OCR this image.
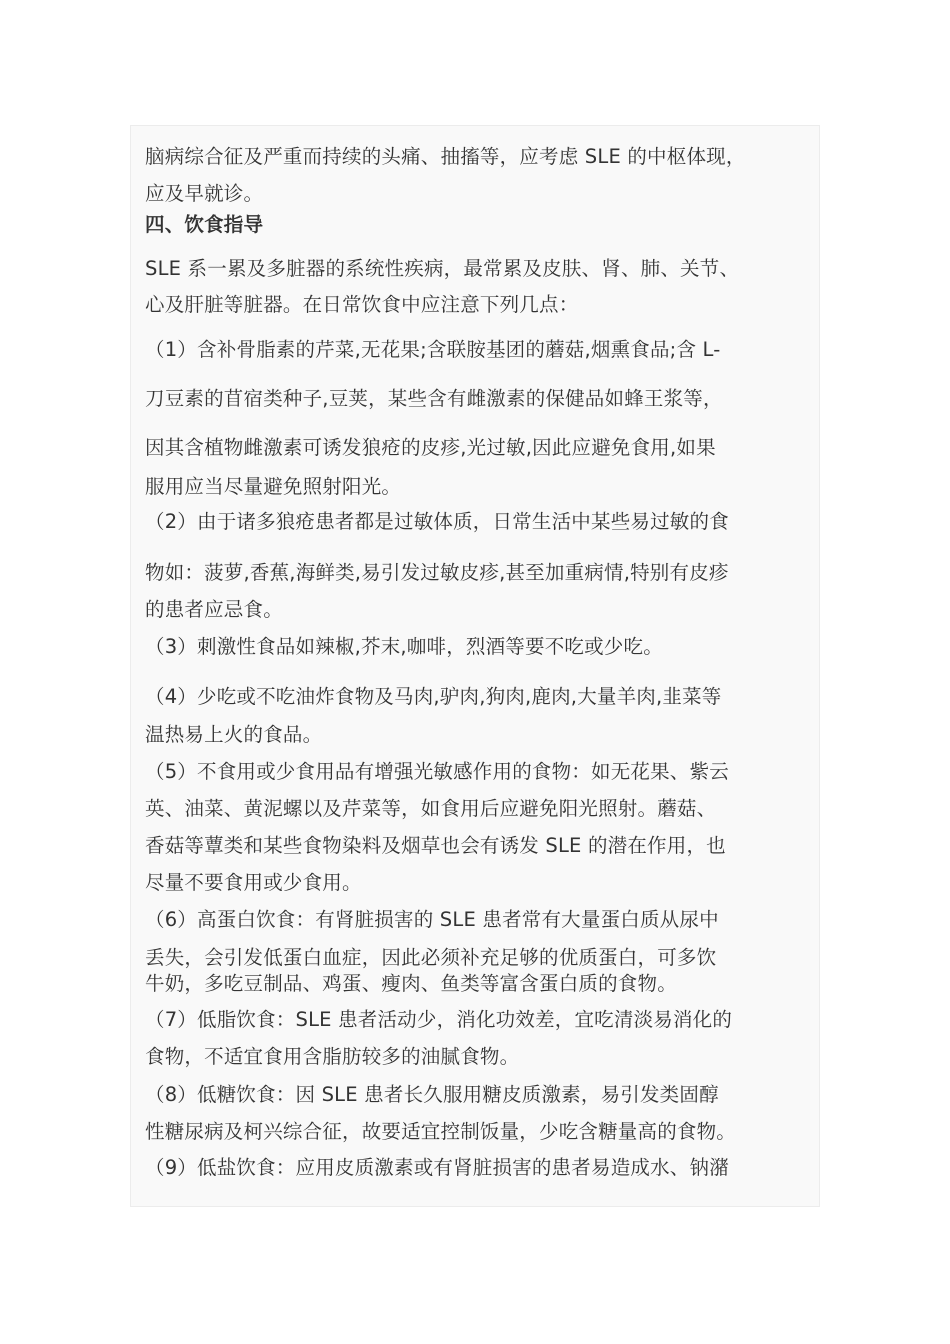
脑病综合征及严重而持续的头痛、抽搐等，应考虑 SLE 的中枢体现，
应及早就诊。
四、饮食指导
SLE 系一累及多脏器的系统性疾病，最常累及皮肤、肾、肺、关节、
心及肝脏等脏器。在日常饮食中应注意下列几点：
（1）含补骨脂素的芹菜,无花果;含联胺基团的蘑菇,烟熏食品;含 L-
刀豆素的苜宿类种子,豆荚，某些含有雌激素的保健品如蜂王浆等，
因其含植物雌激素可诱发狼疮的皮疹,光过敏,因此应避免食用,如果
服用应当尽量避免照射阳光。
（2）由于诸多狼疮患者都是过敏体质，日常生活中某些易过敏的食
物如：菠萝,香蕉,海鲜类,易引发过敏皮疹,甚至加重病情,特别有皮疹
的患者应忌食。
（3）刺激性食品如辣椒,芥末,咖啡，烈酒等要不吃或少吃。
（4）少吃或不吃油炸食物及马肉,驴肉,狗肉,鹿肉,大量羊肉,韭菜等
温热易上火的食品。
（5）不食用或少食用品有增强光敏感作用的食物：如无花果、紫云
英、油菜、黄泥螺以及芹菜等，如食用后应避免阳光照射。蘑菇、
香菇等蕈类和某些食物染料及烟草也会有诱发 SLE 的潜在作用，也
尽量不要食用或少食用。
（6）高蛋白饮食：有肾脏损害的 SLE 患者常有大量蛋白质从尿中
丢失，会引发低蛋白血症，因此必须补充足够的优质蛋白，可多饮
牛奶，多吃豆制品、鸡蛋、瘦肉、鱼类等富含蛋白质的食物。
（7）低脂饮食：SLE 患者活动少，消化功效差，宜吃清淡易消化的
食物，不适宜食用含脂肪较多的油腻食物。
（8）低糖饮食：因 SLE 患者长久服用糖皮质激素，易引发类固醇
性糖尿病及柯兴综合征，故要适宜控制饭量，少吃含糖量高的食物。
（9）低盐饮食：应用皮质激素或有肾脏损害的患者易造成水、钠潴
